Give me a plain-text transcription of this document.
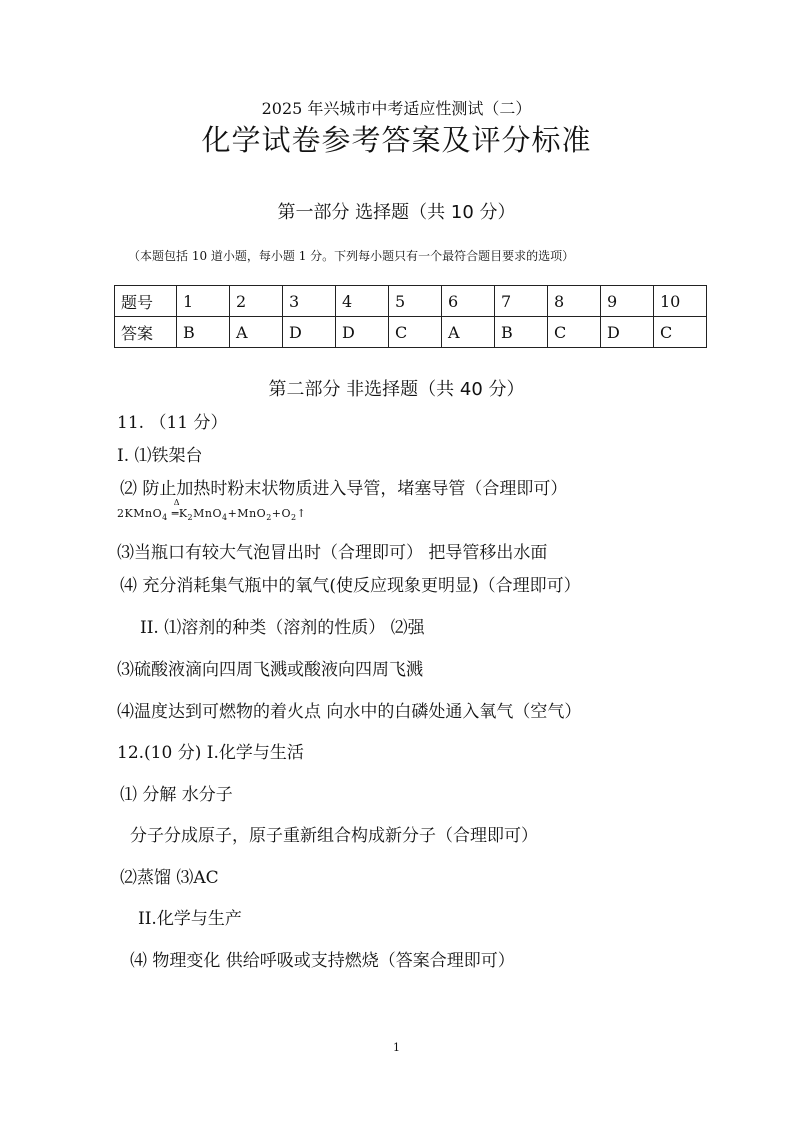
2025 年兴城市中考适应性测试（二）
化学试卷参考答案及评分标准
第一部分 选择题（共 10 分）
（本题包括 10 道小题，每小题 1 分。下列每小题只有一个最符合题目要求的选项）
题号	1	2	3	4	5	6	7	8	9	10
答案	B	A	D	D	C	A	B	C	D	C
第二部分 非选择题（共 40 分）
11. （11 分）
I. ⑴铁架台
⑵ 防止加热时粉末状物质进入导管，堵塞导管（合理即可）
2KMnO$_4$
Δ
$═K_2MnO_4+MnO_2+O_2↑$
⑶当瓶口有较大气泡冒出时（合理即可） 把导管移出水面
⑷ 充分消耗集气瓶中的氧气(使反应现象更明显)（合理即可）
II. ⑴溶剂的种类（溶剂的性质） ⑵强
⑶硫酸液滴向四周飞溅或酸液向四周飞溅
⑷温度达到可燃物的着火点 向水中的白磷处通入氧气（空气）
12.(10 分) I.化学与生活
⑴ 分解 水分子
分子分成原子，原子重新组合构成新分子（合理即可）
⑵蒸馏 ⑶AC
II.化学与生产
⑷ 物理变化 供给呼吸或支持燃烧（答案合理即可）
1
